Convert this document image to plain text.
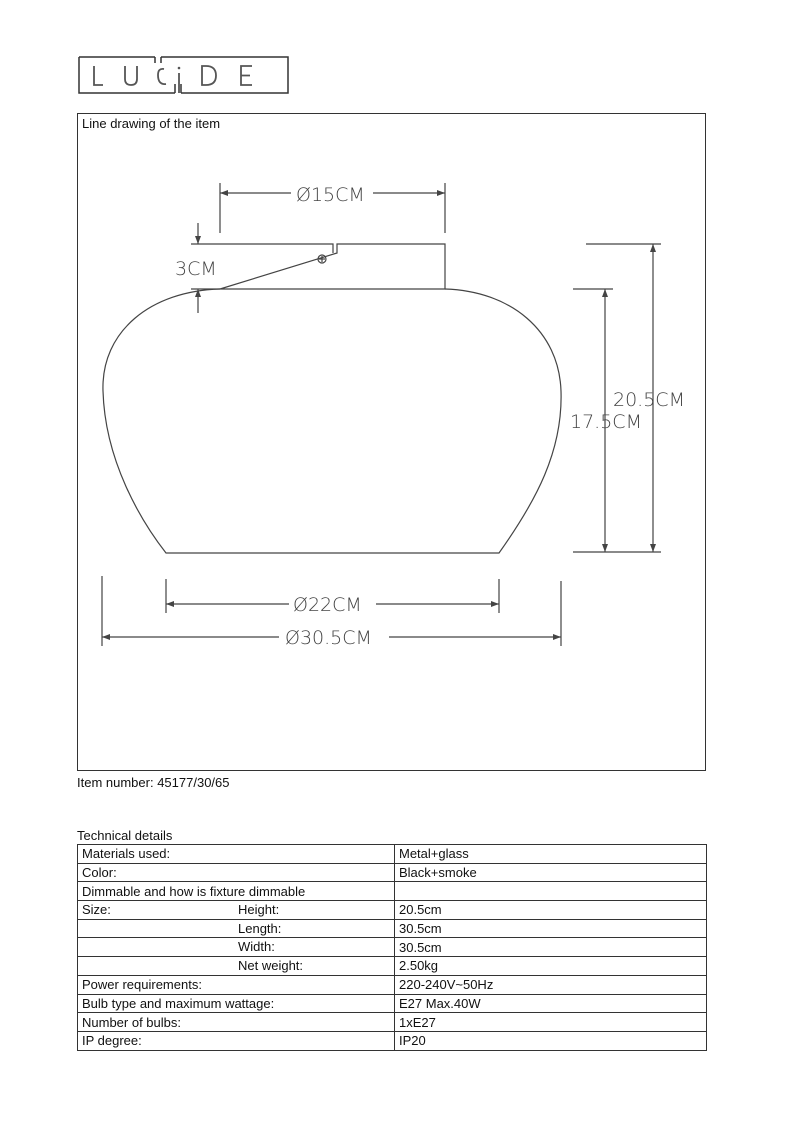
Line drawing of the item
Ø15CM
3CM
20.5CM
17.5CM
Ø22CM
Ø30.5CM
Item number: 45177/30/65
Technical details
Materials used:	Metal+glass
Color:	Black+smoke
Dimmable and how is fixture dimmable

Size: Height:	20.5cm

Length:	30.5cm

Width:	30.5cm

Net weight:	2.50kg
Power requirements:	220-240V~50Hz
Bulb type and maximum wattage:	E27 Max.40W
Number of bulbs:	1xE27
IP degree:	IP20
